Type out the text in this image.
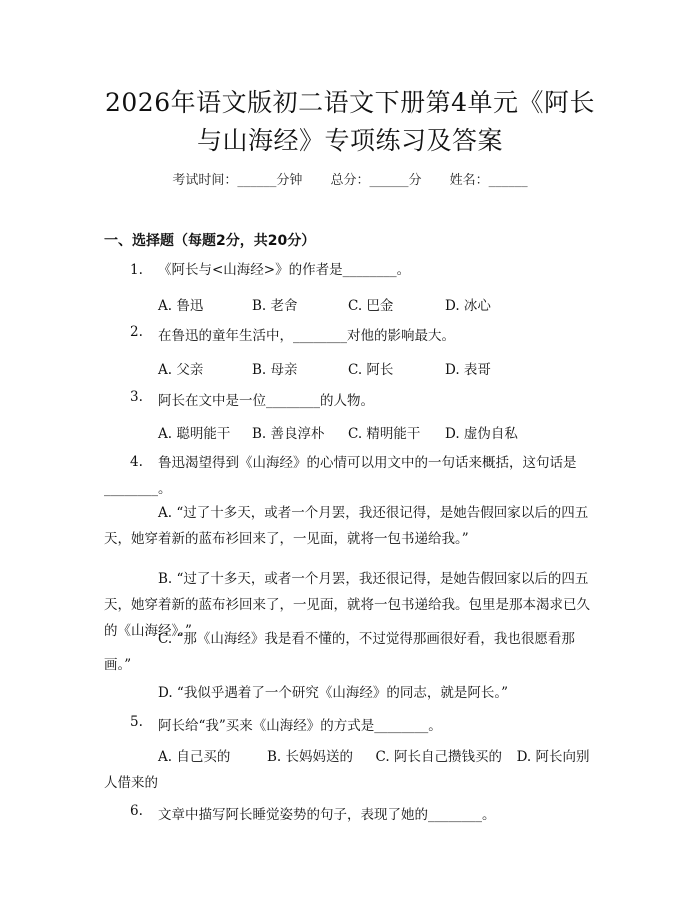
2026年语文版初二语文下册第4单元《阿长
与山海经》专项练习及答案
考试时间：______分钟 总分：______分 姓名：______
一、选择题（每题2分，共20分）
1. 《阿长与<山海经>》的作者是________。
A. 鲁迅	B. 老舍	C. 巴金	D. 冰心
2. 在鲁迅的童年生活中，________对他的影响最大。
A. 父亲	B. 母亲	C. 阿长	D. 表哥
3. 阿长在文中是一位________的人物。
A. 聪明能干 B. 善良淳朴 C. 精明能干 D. 虚伪自私
4.	鲁迅渴望得到《山海经》的心情可以用文中的一句话来概括，这句话是________。
A. “过了十多天，或者一个月罢，我还很记得，是她告假回家以后的四五天，她穿着新的蓝布衫回来了，一见面，就将一包书递给我。”
B. “过了十多天，或者一个月罢，我还很记得，是她告假回家以后的四五天，她穿着新的蓝布衫回来了，一见面，就将一包书递给我。包里是那本渴求已久的《山海经》。”
C. “那《山海经》我是看不懂的，不过觉得那画很好看，我也很愿看那画。”
D. “我似乎遇着了一个研究《山海经》的同志，就是阿长。”
5. 阿长给“我”买来《山海经》的方式是________。
A. 自己买的	B. 长妈妈送的 C. 阿长自己攒钱买的 D. 阿长向别人借来的
6. 文章中描写阿长睡觉姿势的句子，表现了她的________。
